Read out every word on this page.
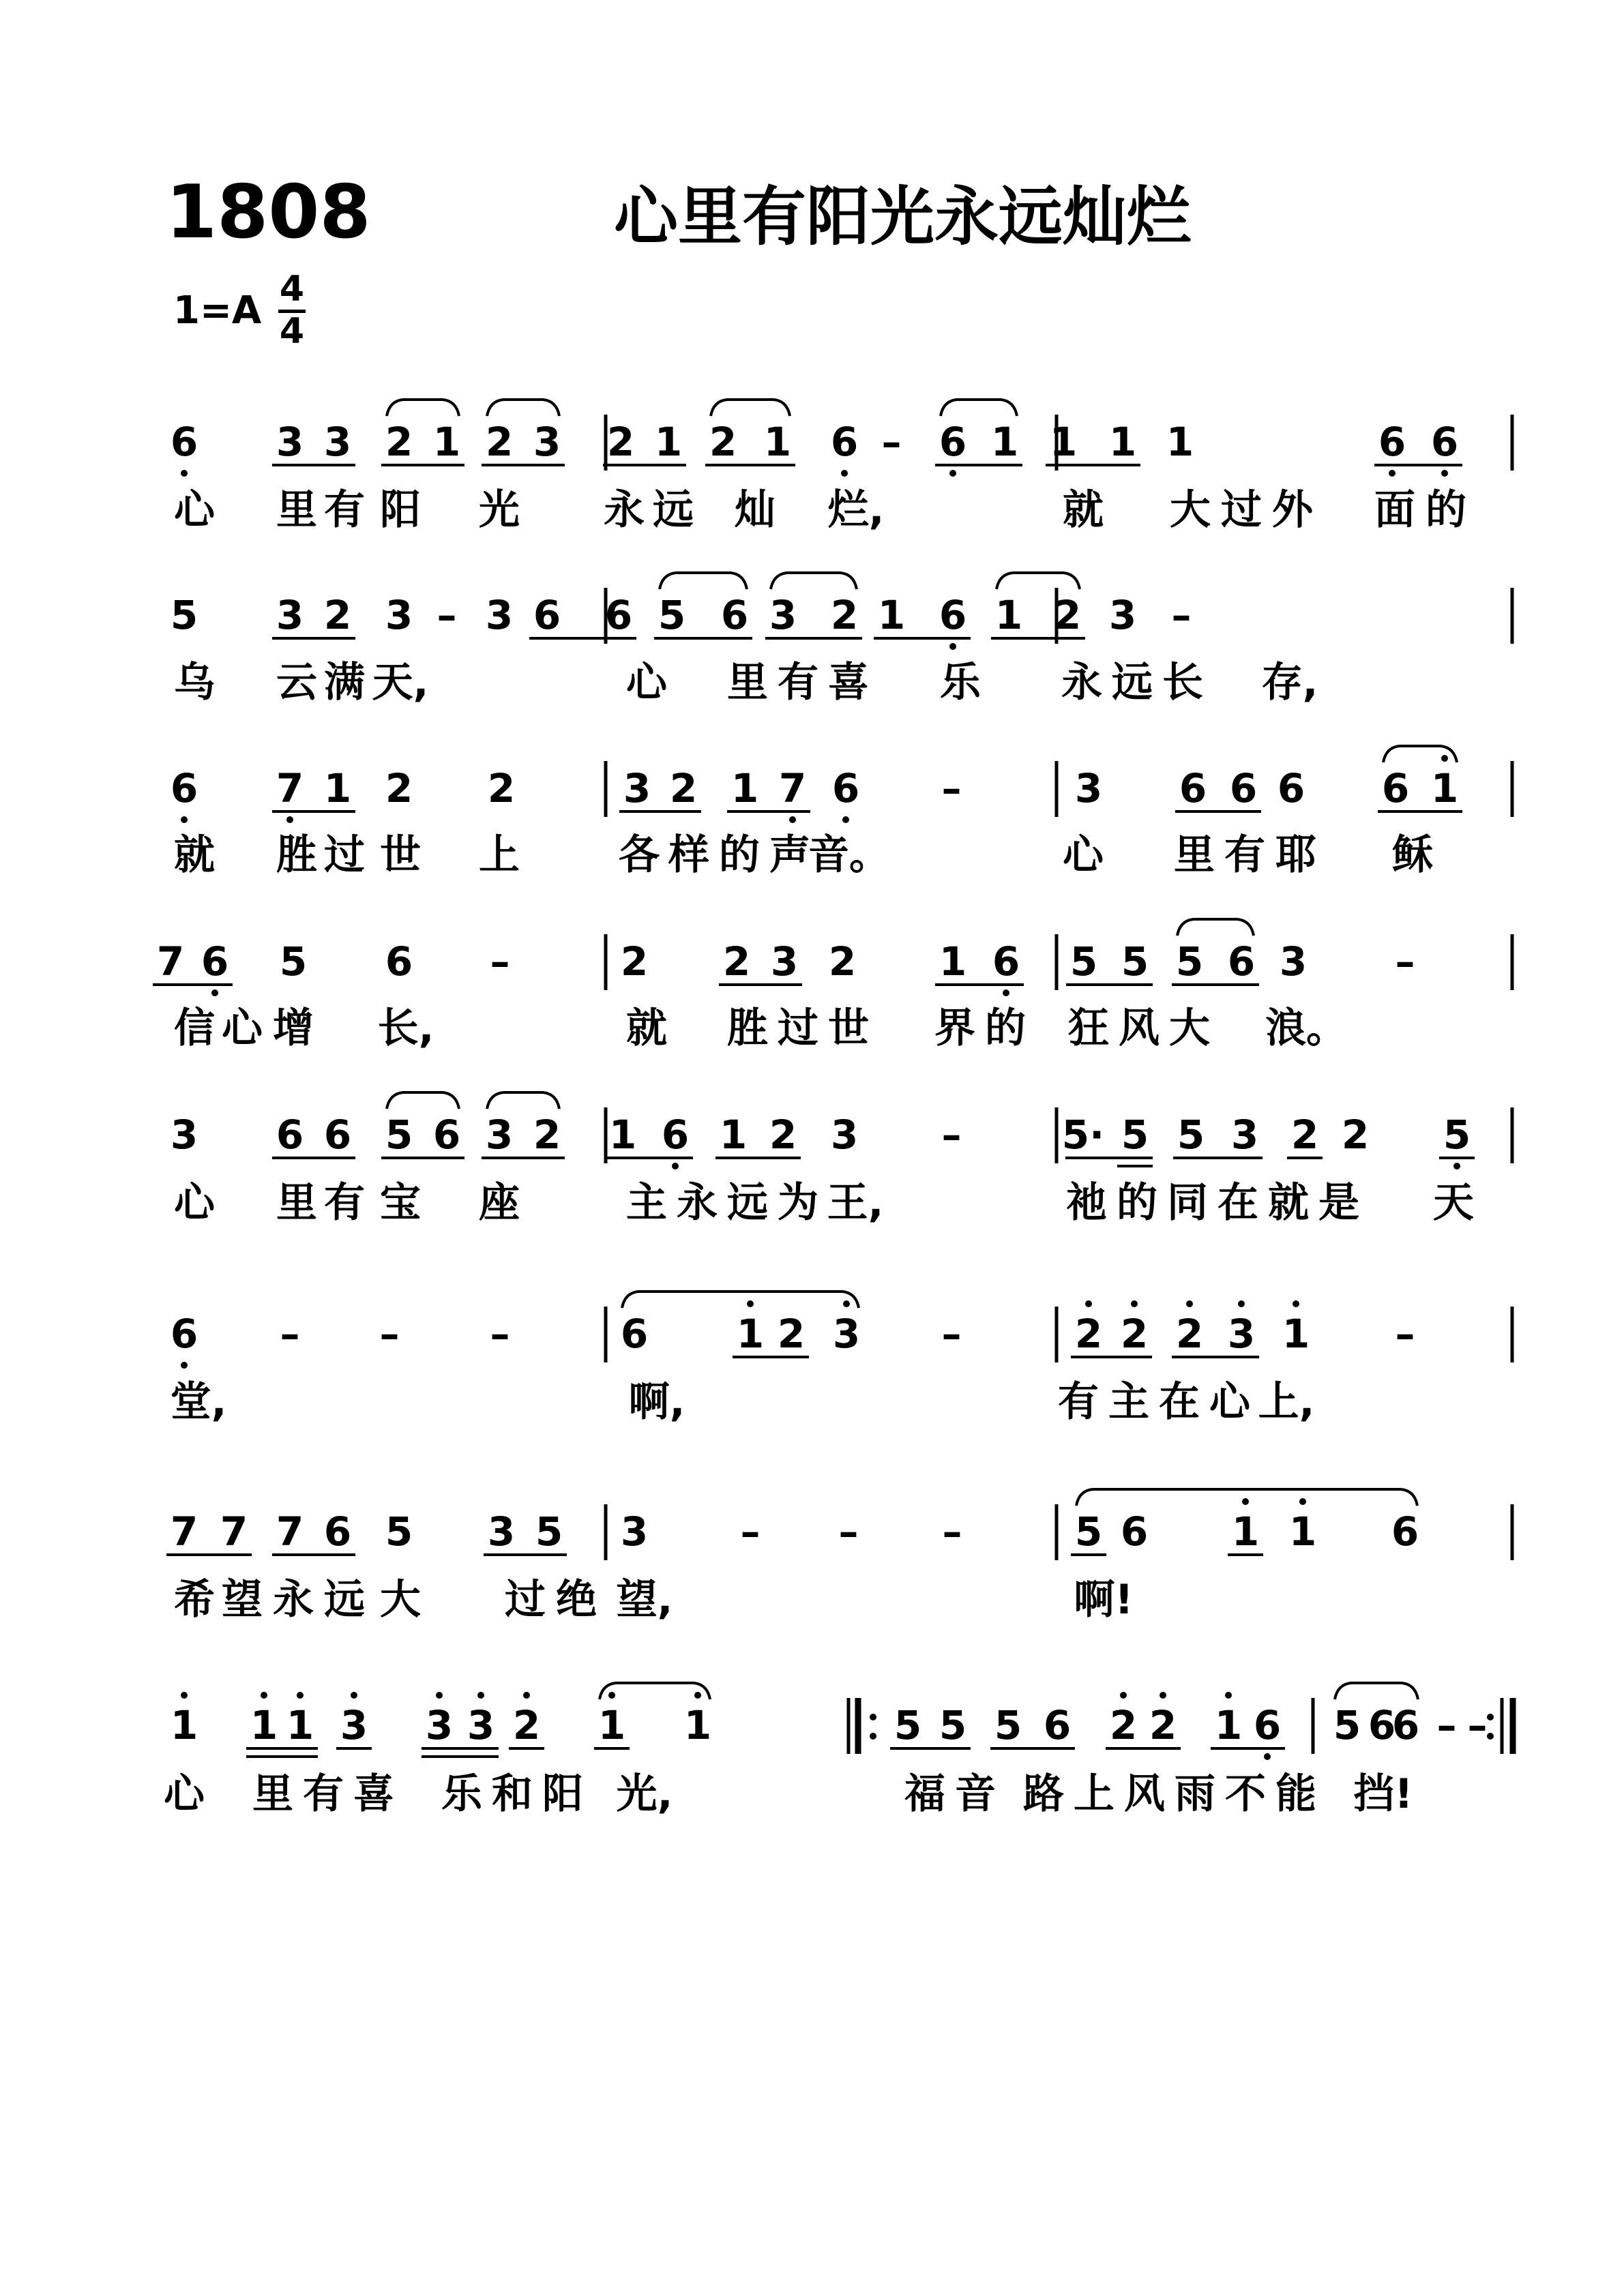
1808	心里有阳光永远灿烂
1=A 4
4
6 3 3 2 1 2 3 2 1 2 1 6 – 6 1 1 1 1	6 6
心 里 有 阳 光 永 远 灿 烂,	就 大 过 外 面 的
5 3 2 3 – 3 6 6 5 6 3 2 1 6 1 2 3 –
乌 云 满 天,	心 里 有 喜 乐 永 远 长 存,
6 7 1 2 2	3 2 1 7 6 –	3 6 6 6 6 1
就 胜 过 世 上 各 样 的 声
音。	心 里 有 耶 稣
7 6 5 6 –	2 2 3 2 1 6 5 5 5 6 3 –
信 心 增 长,	就 胜 过 世 界 的 狂 风 大 浪。
3 6 6 5 6 3 2 1 6 1 2 3 –	5· 5 5 3 2 2 5
心 里 有 宝 座	主 永 远 为 王,	祂 的 同 在 就 是 天
6 – – –	6 1 2 3 –	2 2 2 3 1 –
堂,	啊,	有 主 在 心 上,
7 7 7 6 5 3 5 3 – – –	5 6 1 1 6
希 望 永 远 大 过 绝 望,	啊!
1 1 1 3 3 3 2 1 1	5 5 5 6 2 2 1 6 5 6
6 – –
心 里 有 喜 乐 和 阳 光,	福 音 路 上 风 雨 不 能 挡!
